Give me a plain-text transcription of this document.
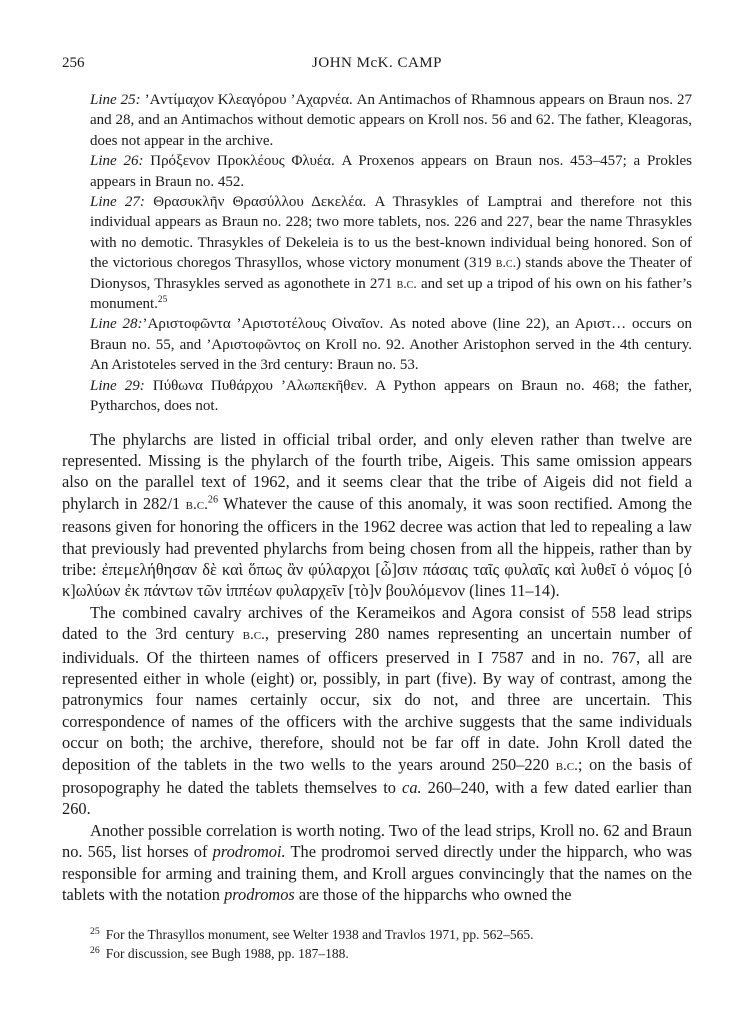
256	JOHN McK. CAMP

Line 25: ’Aντίμαχον Kλεαγόρου ’Aχαρνέα. An Antimachos of Rhamnous appears on Braun nos. 27 and 28, and an Antimachos without demotic appears on Kroll nos. 56 and 62. The father, Kleagoras, does not appear in the archive.

Line 26: Πρόξενον Πρoκλέους Φλυέα. A Proxenos appears on Braun nos. 453–457; a Prokles appears in Braun no. 452.

Line 27: Θρασυκλῆν Θρασύλλου Δεκελέα. A Thrasykles of Lamptrai and therefore not this individual appears as Braun no. 228; two more tablets, nos. 226 and 227, bear the name Thrasykles with no demotic. Thrasykles of Dekeleia is to us the best-known individual being honored. Son of the victorious choregos Thrasyllos, whose victory monument (319 b.c.) stands above the Theater of Dionysos, Thrasykles served as agonothete in 271 b.c. and set up a tripod of his own on his father’s monument.$^{25}$

Line 28:’Aριστοφῶντα ’Aριστοτέλους Oἰναῖον. As noted above (line 22), an Aριστ… occurs on Braun no. 55, and ’Aριστοφῶντος on Kroll no. 92. Another Aristophon served in the 4th century. An Aristoteles served in the 3rd century: Braun no. 53.

Line 29: Πύθωνα Πυθάρχου ’Aλωπεκῆθεν. A Python appears on Braun no. 468; the father, Pytharchos, does not.

The phylarchs are listed in official tribal order, and only eleven rather than twelve are represented. Missing is the phylarch of the fourth tribe, Aigeis. This same omission appears also on the parallel text of 1962, and it seems clear that the tribe of Aigeis did not field a phylarch in 282/1 b.c.$^{26}$ Whatever the cause of this anomaly, it was soon rectified. Among the reasons given for honoring the officers in the 1962 decree was action that led to repealing a law that previously had prevented phylarchs from being chosen from all the hippeis, rather than by tribe: ἐπεμελήθησαν δὲ καὶ ὅπως ἂν φύλαρχοι [ὧ]σιν πάσαις ταῖς φυλαῖς καὶ λυθεῖ ὁ νόμος [ὁ κ]ωλύων ἐκ πάντων τῶν ἱππέων φυλαρχεῖν [τὸ]ν βουλόμενον (lines 11–14).

The combined cavalry archives of the Kerameikos and Agora consist of 558 lead strips dated to the 3rd century b.c., preserving 280 names representing an uncertain number of individuals. Of the thirteen names of officers preserved in I 7587 and in no. 767, all are represented either in whole (eight) or, possibly, in part (five). By way of contrast, among the patronymics four names certainly occur, six do not, and three are uncertain. This correspondence of names of the officers with the archive suggests that the same individuals occur on both; the archive, therefore, should not be far off in date. John Kroll dated the deposition of the tablets in the two wells to the years around 250–220 b.c.; on the basis of prosopography he dated the tablets themselves to ca. 260–240, with a few dated earlier than 260.

Another possible correlation is worth noting. Two of the lead strips, Kroll no. 62 and Braun no. 565, list horses of prodromoi. The prodromoi served directly under the hipparch, who was responsible for arming and training them, and Kroll argues convincingly that the names on the tablets with the notation prodromos are those of the hipparchs who owned the

$^{25}$ For the Thrasyllos monument, see Welter 1938 and Travlos 1971, pp. 562–565.

$^{26}$ For discussion, see Bugh 1988, pp. 187–188.
